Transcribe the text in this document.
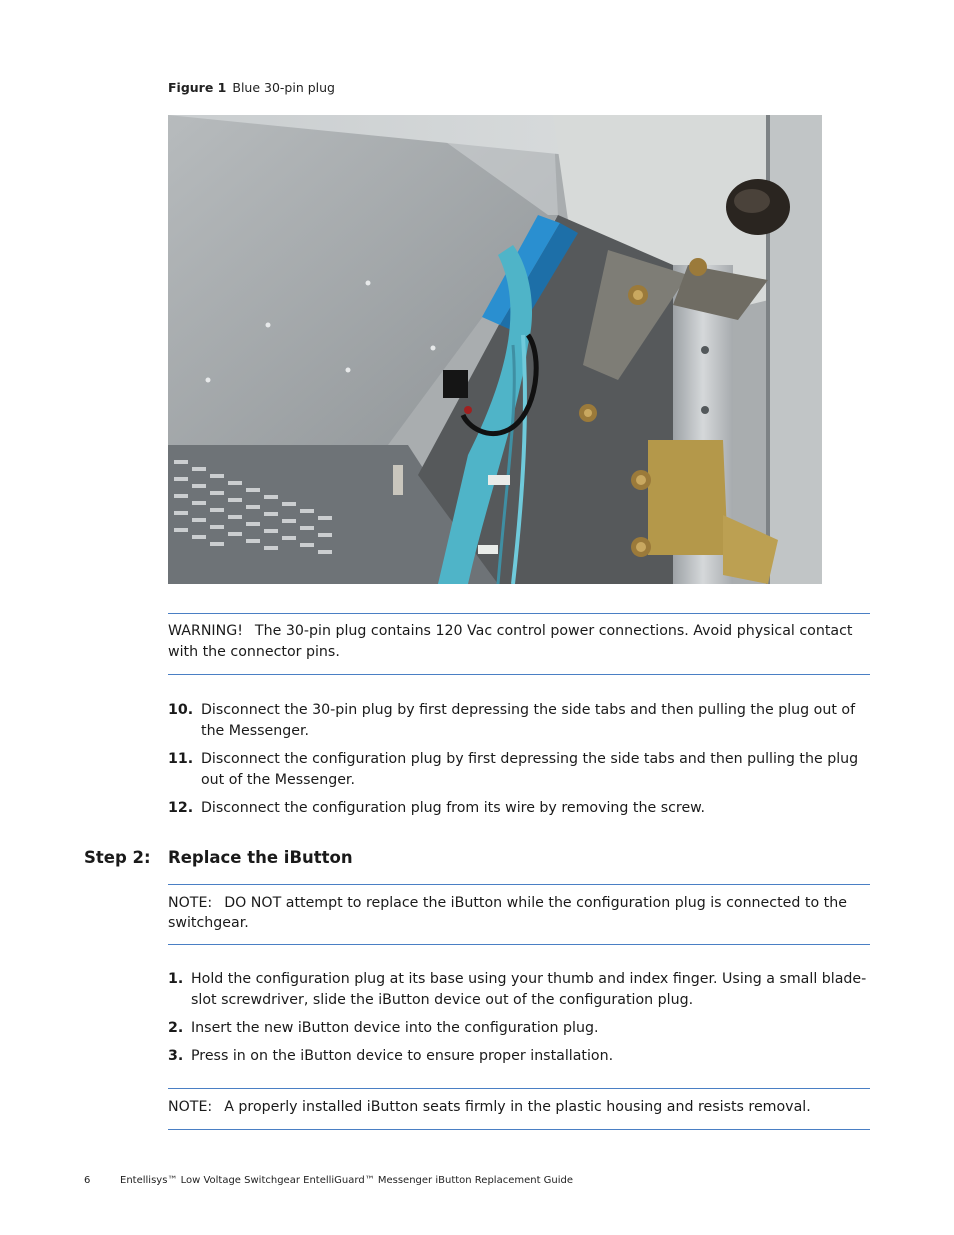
Figure 1 Blue 30-pin plug
WARNING! The 30-pin plug contains 120 Vac control power connections. Avoid physical contact with the connector pins.
10. Disconnect the 30-pin plug by first depressing the side tabs and then pulling the plug out of the Messenger.
11. Disconnect the configuration plug by first depressing the side tabs and then pulling the plug out of the Messenger.
12. Disconnect the configuration plug from its wire by removing the screw.
Step 2: Replace the iButton
NOTE: DO NOT attempt to replace the iButton while the configuration plug is connected to the switchgear.
1. Hold the configuration plug at its base using your thumb and index finger. Using a small blade-slot screwdriver, slide the iButton device out of the configuration plug.
2. Insert the new iButton device into the configuration plug.
3. Press in on the iButton device to ensure proper installation.
NOTE: A properly installed iButton seats firmly in the plastic housing and resists removal.
6	Entellisys™ Low Voltage Switchgear EntelliGuard™ Messenger iButton Replacement Guide
